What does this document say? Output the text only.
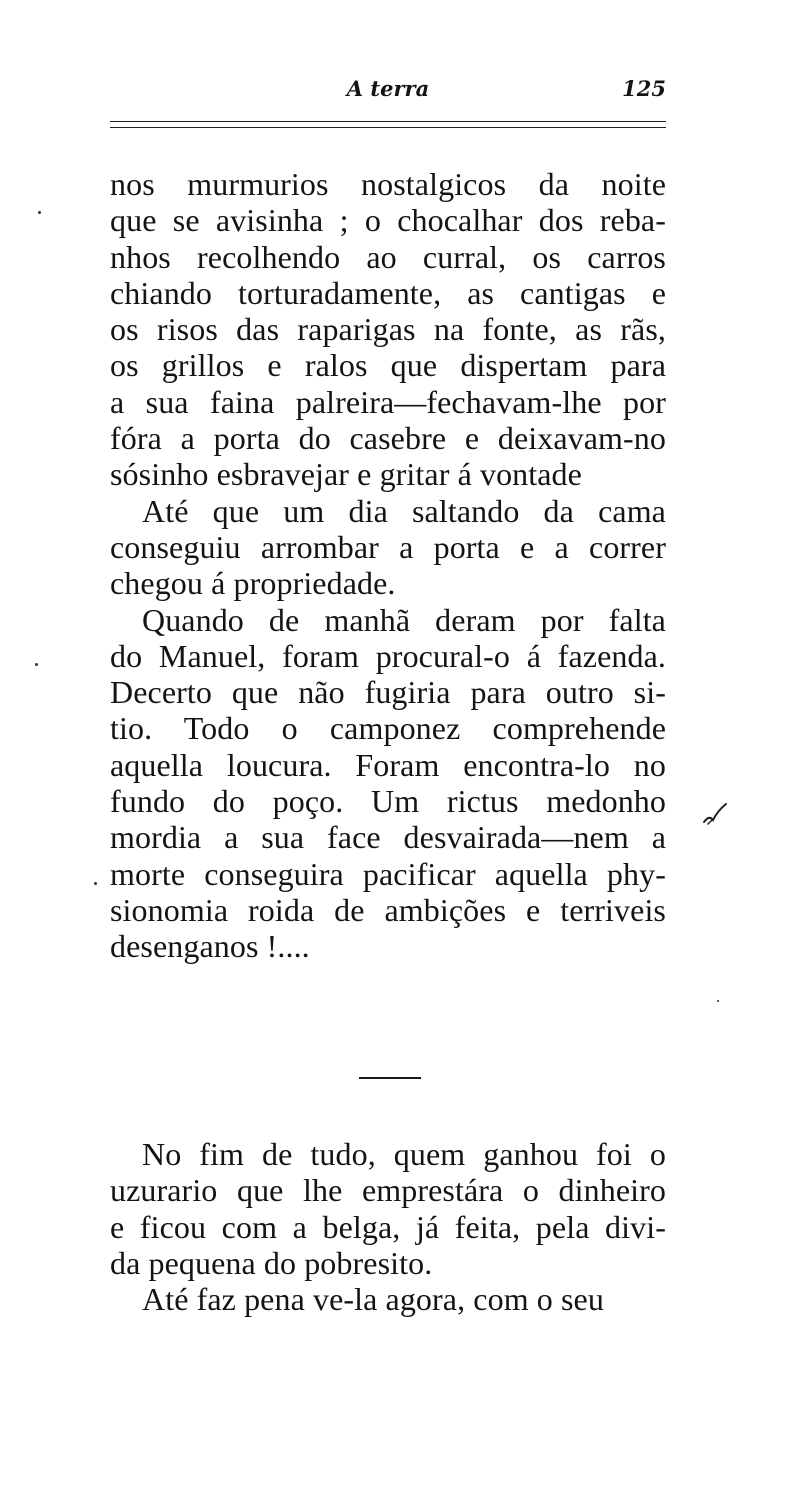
A terra	125
nos murmurios nostalgicos da noite
que se avisinha ; o chocalhar dos reba-
nhos recolhendo ao curral, os carros
chiando torturadamente, as cantigas e
os risos das raparigas na fonte, as rãs,
os grillos e ralos que dispertam para
a sua faina palreira—fechavam-lhe por
fóra a porta do casebre e deixavam-no
sósinho esbravejar e gritar á vontade
Até que um dia saltando da cama
conseguiu arrombar a porta e a correr
chegou á propriedade.
Quando de manhã deram por falta
do Manuel, foram procural-o á fazenda.
Decerto que não fugiria para outro si-
tio. Todo o camponez comprehende
aquella loucura. Foram encontra-lo no
fundo do poço. Um rictus medonho
mordia a sua face desvairada—nem a
morte conseguira pacificar aquella phy-
sionomia roida de ambições e terriveis
desenganos !....
No fim de tudo, quem ganhou foi o
uzurario que lhe emprestára o dinheiro
e ficou com a belga, já feita, pela divi-
da pequena do pobresito.
Até faz pena ve-la agora, com o seu
